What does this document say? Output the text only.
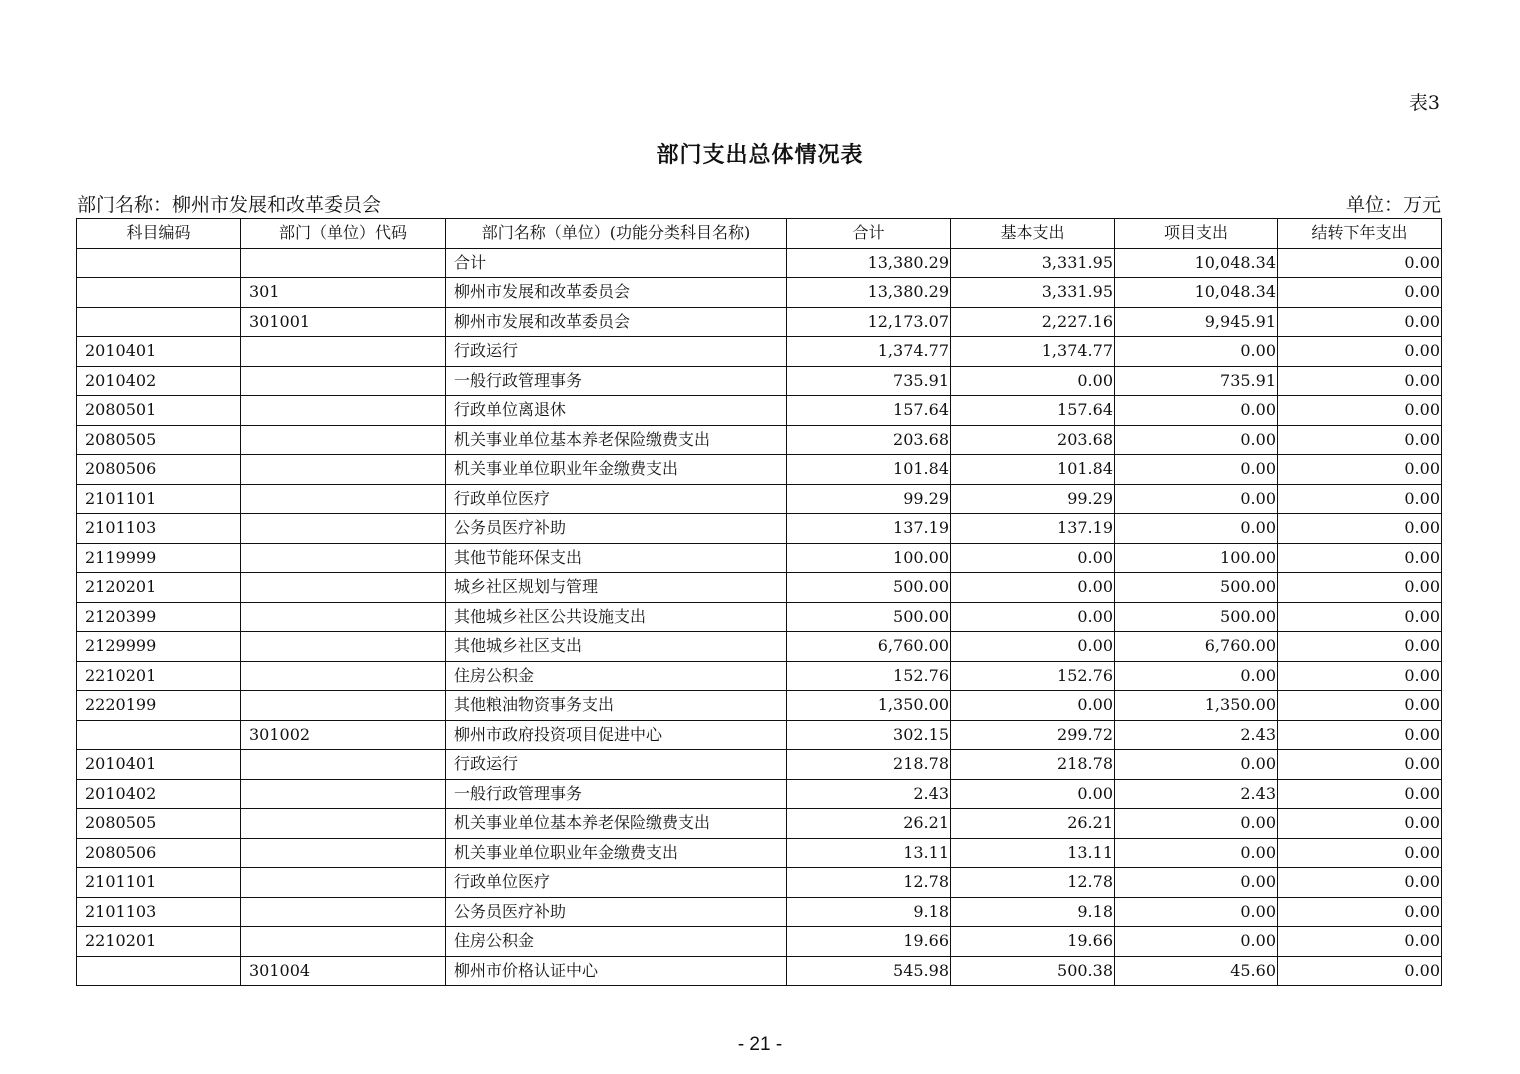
表3
部门支出总体情况表
部门名称：柳州市发展和改革委员会	单位：万元
科目编码	部门（单位）代码	部门名称（单位）(功能分类科目名称)	合计	基本支出	项目支出	结转下年支出
		合计	13,380.29	3,331.95	10,048.34	0.00
	301	柳州市发展和改革委员会	13,380.29	3,331.95	10,048.34	0.00
	301001	柳州市发展和改革委员会	12,173.07	2,227.16	9,945.91	0.00
2010401		行政运行	1,374.77	1,374.77	0.00	0.00
2010402		一般行政管理事务	735.91	0.00	735.91	0.00
2080501		行政单位离退休	157.64	157.64	0.00	0.00
2080505		机关事业单位基本养老保险缴费支出	203.68	203.68	0.00	0.00
2080506		机关事业单位职业年金缴费支出	101.84	101.84	0.00	0.00
2101101		行政单位医疗	99.29	99.29	0.00	0.00
2101103		公务员医疗补助	137.19	137.19	0.00	0.00
2119999		其他节能环保支出	100.00	0.00	100.00	0.00
2120201		城乡社区规划与管理	500.00	0.00	500.00	0.00
2120399		其他城乡社区公共设施支出	500.00	0.00	500.00	0.00
2129999		其他城乡社区支出	6,760.00	0.00	6,760.00	0.00
2210201		住房公积金	152.76	152.76	0.00	0.00
2220199		其他粮油物资事务支出	1,350.00	0.00	1,350.00	0.00
	301002	柳州市政府投资项目促进中心	302.15	299.72	2.43	0.00
2010401		行政运行	218.78	218.78	0.00	0.00
2010402		一般行政管理事务	2.43	0.00	2.43	0.00
2080505		机关事业单位基本养老保险缴费支出	26.21	26.21	0.00	0.00
2080506		机关事业单位职业年金缴费支出	13.11	13.11	0.00	0.00
2101101		行政单位医疗	12.78	12.78	0.00	0.00
2101103		公务员医疗补助	9.18	9.18	0.00	0.00
2210201		住房公积金	19.66	19.66	0.00	0.00
	301004	柳州市价格认证中心	545.98	500.38	45.60	0.00
- 21 -
